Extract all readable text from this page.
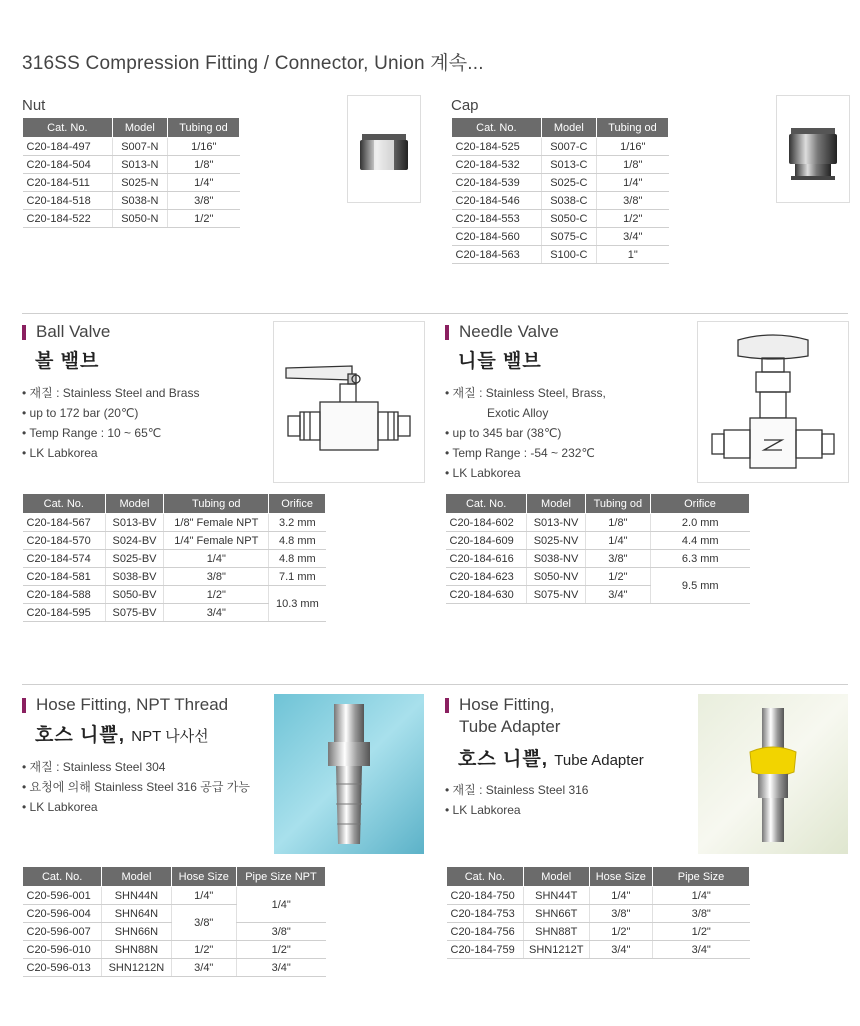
316SS Compression Fitting / Connector, Union 계속...
Nut
Cat. No.	Model	Tubing od
C20-184-497	S007-N	1/16"
C20-184-504	S013-N	1/8"
C20-184-511	S025-N	1/4"
C20-184-518	S038-N	3/8"
C20-184-522	S050-N	1/2"
Cap
Cat. No.	Model	Tubing od
C20-184-525	S007-C	1/16"
C20-184-532	S013-C	1/8"
C20-184-539	S025-C	1/4"
C20-184-546	S038-C	3/8"
C20-184-553	S050-C	1/2"
C20-184-560	S075-C	3/4"
C20-184-563	S100-C	1"
Ball Valve
볼 밸브
• 재질 : Stainless Steel and Brass
• up to 172 bar (20℃)
• Temp Range : 10 ~ 65℃
• LK Labkorea
Cat. No.	Model	Tubing od	Orifice
C20-184-567	S013-BV	1/8" Female NPT	3.2 mm
C20-184-570	S024-BV	1/4" Female NPT	4.8 mm
C20-184-574	S025-BV	1/4"	4.8 mm
C20-184-581	S038-BV	3/8"	7.1 mm
C20-184-588	S050-BV	1/2"	10.3 mm
C20-184-595	S075-BV	3/4"	
Needle Valve
니들 밸브
• 재질 : Stainless Steel, Brass,
Exotic Alloy
• up to 345 bar (38℃)
• Temp Range : -54 ~ 232℃
• LK Labkorea
Cat. No.	Model	Tubing od	Orifice
C20-184-602	S013-NV	1/8"	2.0 mm
C20-184-609	S025-NV	1/4"	4.4 mm
C20-184-616	S038-NV	3/8"	6.3 mm
C20-184-623	S050-NV	1/2"	9.5 mm
C20-184-630	S075-NV	3/4"	
Hose Fitting, NPT Thread
호스 니쁠, NPT 나사선
• 재질 : Stainless Steel 304
• 요청에 의해 Stainless Steel 316 공급 가능
• LK Labkorea
Cat. No.	Model	Hose Size	Pipe Size NPT
C20-596-001	SHN44N	1/4"	1/4"
C20-596-004	SHN64N	3/8"	
C20-596-007	SHN66N		3/8"
C20-596-010	SHN88N	1/2"	1/2"
C20-596-013	SHN1212N	3/4"	3/4"
Hose Fitting,
Tube Adapter
호스 니쁠, Tube Adapter
• 재질 : Stainless Steel 316
• LK Labkorea
Cat. No.	Model	Hose Size	Pipe Size
C20-184-750	SHN44T	1/4"	1/4"
C20-184-753	SHN66T	3/8"	3/8"
C20-184-756	SHN88T	1/2"	1/2"
C20-184-759	SHN1212T	3/4"	3/4"
